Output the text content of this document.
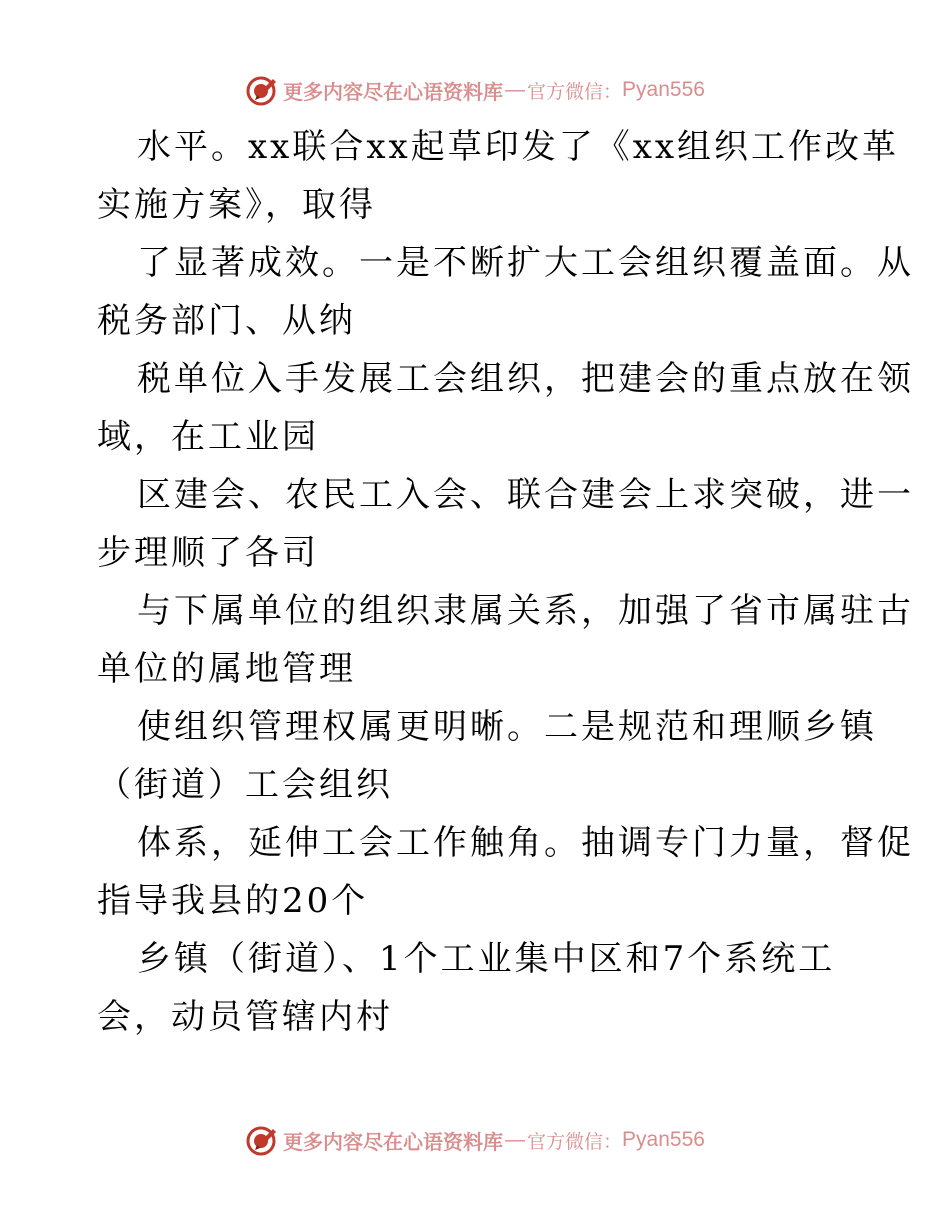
更多内容尽在心语资料库 — 官方微信： Pyan556
水平。xx联合xx起草印发了《xx组织工作改革
实施方案》，取得
了显著成效。一是不断扩大工会组织覆盖面。从
税务部门、从纳
税单位入手发展工会组织，把建会的重点放在领
域，在工业园
区建会、农民工入会、联合建会上求突破，进一
步理顺了各司
与下属单位的组织隶属关系，加强了省市属驻古
单位的属地管理
使组织管理权属更明晰。二是规范和理顺乡镇
（街道）工会组织
体系，延伸工会工作触角。抽调专门力量，督促
指导我县的20个
乡镇（街道）、1个工业集中区和7个系统工
会，动员管辖内村
更多内容尽在心语资料库 — 官方微信： Pyan556
